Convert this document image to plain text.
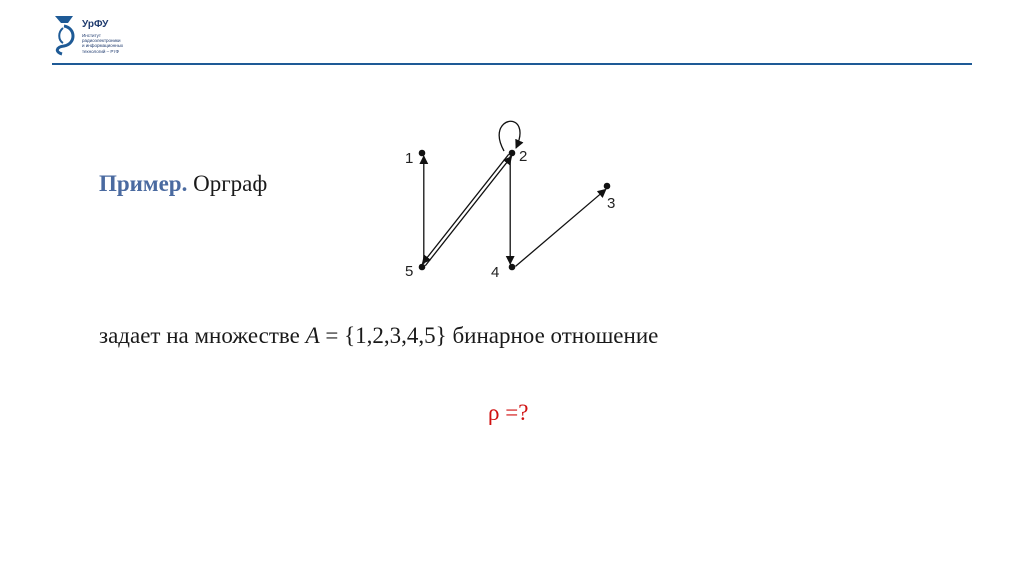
УрФУ
Институт
радиоэлектроники
и информационных
технологий – РтФ
Пример. Орграф
1	2
3
4
5
задает на множестве A = {1,2,3,4,5} бинарное отношение
ρ =?
